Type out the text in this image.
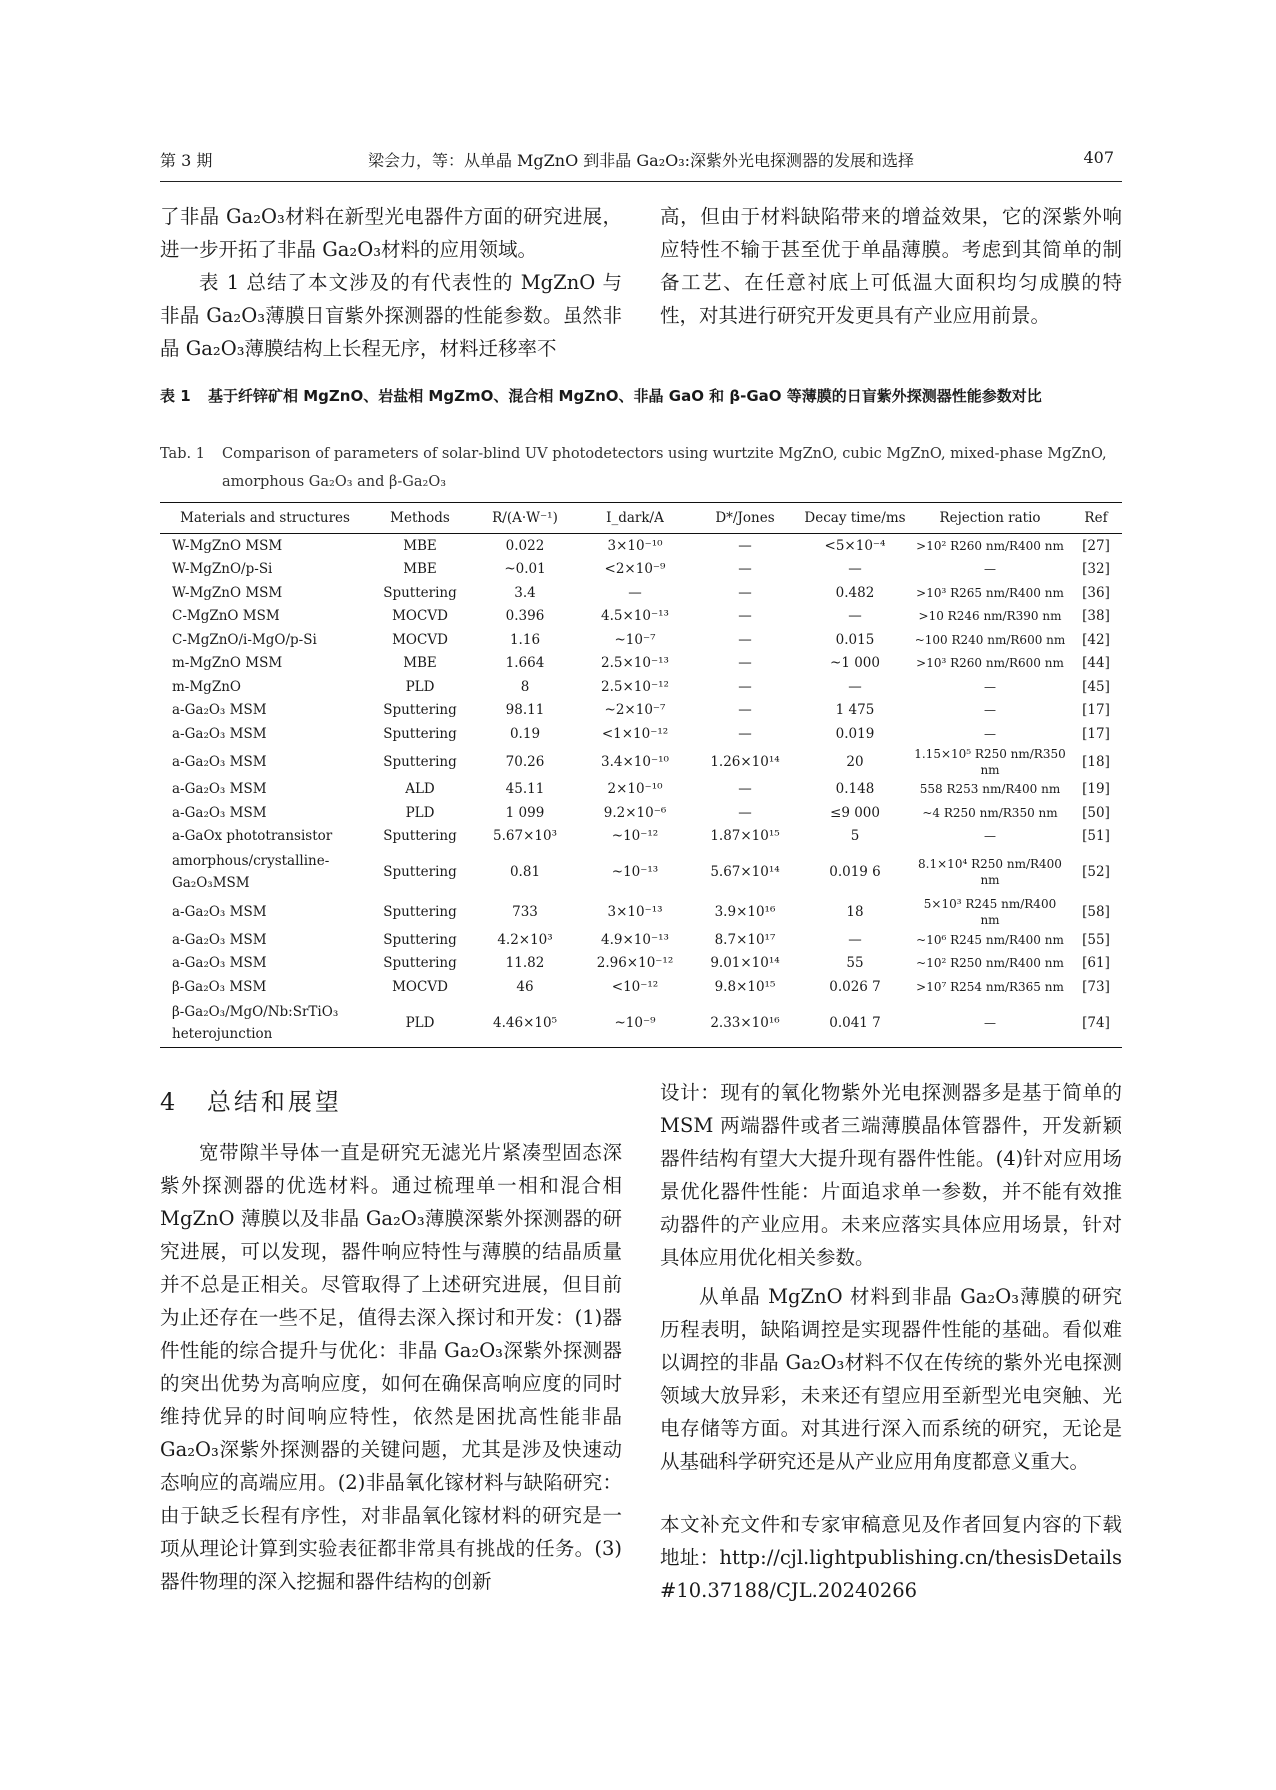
第 3 期	梁会力，等：从单晶 MgZnO 到非晶 Ga₂O₃:深紫外光电探测器的发展和选择	407

了非晶 Ga₂O₃材料在新型光电器件方面的研究进展，进一步开拓了非晶 Ga₂O₃材料的应用领域。

表 1 总结了本文涉及的有代表性的 MgZnO 与非晶 Ga₂O₃薄膜日盲紫外探测器的性能参数。虽然非晶 Ga₂O₃薄膜结构上长程无序，材料迁移率不

高，但由于材料缺陷带来的增益效果，它的深紫外响应特性不输于甚至优于单晶薄膜。考虑到其简单的制备工艺、在任意衬底上可低温大面积均匀成膜的特性，对其进行研究开发更具有产业应用前景。

表 1	基于纤锌矿相 MgZnO、岩盐相 MgZmO、混合相 MgZnO、非晶 GaO 和 β-GaO 等薄膜的日盲紫外探测器性能参数对比
Tab. 1	Comparison of parameters of solar-blind UV photodetectors using wurtzite MgZnO, cubic MgZnO, mixed-phase MgZnO, amorphous Ga₂O₃ and β-Ga₂O₃
Materials and structures	Methods	R/(A·W⁻¹)	I_dark/A	D*/Jones	Decay time/ms	Rejection ratio	Ref
W-MgZnO MSM	MBE	0.022	3×10⁻¹⁰	—	<5×10⁻⁴	>10² R260 nm/R400 nm	[27]
W-MgZnO/p-Si	MBE	~0.01	<2×10⁻⁹	—	—	—	[32]
W-MgZnO MSM	Sputtering	3.4	—	—	0.482	>10³ R265 nm/R400 nm	[36]
C-MgZnO MSM	MOCVD	0.396	4.5×10⁻¹³	—	—	>10 R246 nm/R390 nm	[38]
C-MgZnO/i-MgO/p-Si	MOCVD	1.16	~10⁻⁷	—	0.015	~100 R240 nm/R600 nm	[42]
m-MgZnO MSM	MBE	1.664	2.5×10⁻¹³	—	~1 000	>10³ R260 nm/R600 nm	[44]
m-MgZnO	PLD	8	2.5×10⁻¹²	—	—	—	[45]
a-Ga₂O₃ MSM	Sputtering	98.11	~2×10⁻⁷	—	1 475	—	[17]
a-Ga₂O₃ MSM	Sputtering	0.19	<1×10⁻¹²	—	0.019	—	[17]
a-Ga₂O₃ MSM	Sputtering	70.26	3.4×10⁻¹⁰	1.26×10¹⁴	20	1.15×10⁵ R250 nm/R350 nm	[18]
a-Ga₂O₃ MSM	ALD	45.11	2×10⁻¹⁰	—	0.148	558 R253 nm/R400 nm	[19]
a-Ga₂O₃ MSM	PLD	1 099	9.2×10⁻⁶	—	≤9 000	~4 R250 nm/R350 nm	[50]
a-GaOx phototransistor	Sputtering	5.67×10³	~10⁻¹²	1.87×10¹⁵	5	—	[51]
amorphous/crystalline-Ga₂O₃MSM	Sputtering	0.81	~10⁻¹³	5.67×10¹⁴	0.019 6	8.1×10⁴ R250 nm/R400 nm	[52]
a-Ga₂O₃ MSM	Sputtering	733	3×10⁻¹³	3.9×10¹⁶	18	5×10³ R245 nm/R400 nm	[58]
a-Ga₂O₃ MSM	Sputtering	4.2×10³	4.9×10⁻¹³	8.7×10¹⁷	—	~10⁶ R245 nm/R400 nm	[55]
a-Ga₂O₃ MSM	Sputtering	11.82	2.96×10⁻¹²	9.01×10¹⁴	55	~10² R250 nm/R400 nm	[61]
β-Ga₂O₃ MSM	MOCVD	46	<10⁻¹²	9.8×10¹⁵	0.026 7	>10⁷ R254 nm/R365 nm	[73]
β-Ga₂O₃/MgO/Nb:SrTiO₃ heterojunction	PLD	4.46×10⁵	~10⁻⁹	2.33×10¹⁶	0.041 7	—	[74]
4 总结和展望

宽带隙半导体一直是研究无滤光片紧凑型固态深紫外探测器的优选材料。通过梳理单一相和混合相 MgZnO 薄膜以及非晶 Ga₂O₃薄膜深紫外探测器的研究进展，可以发现，器件响应特性与薄膜的结晶质量并不总是正相关。尽管取得了上述研究进展，但目前为止还存在一些不足，值得去深入探讨和开发：(1)器件性能的综合提升与优化：非晶 Ga₂O₃深紫外探测器的突出优势为高响应度，如何在确保高响应度的同时维持优异的时间响应特性，依然是困扰高性能非晶 Ga₂O₃深紫外探测器的关键问题，尤其是涉及快速动态响应的高端应用。(2)非晶氧化镓材料与缺陷研究：由于缺乏长程有序性，对非晶氧化镓材料的研究是一项从理论计算到实验表征都非常具有挑战的任务。(3)器件物理的深入挖掘和器件结构的创新

设计：现有的氧化物紫外光电探测器多是基于简单的 MSM 两端器件或者三端薄膜晶体管器件，开发新颖器件结构有望大大提升现有器件性能。(4)针对应用场景优化器件性能：片面追求单一参数，并不能有效推动器件的产业应用。未来应落实具体应用场景，针对具体应用优化相关参数。

从单晶 MgZnO 材料到非晶 Ga₂O₃薄膜的研究历程表明，缺陷调控是实现器件性能的基础。看似难以调控的非晶 Ga₂O₃材料不仅在传统的紫外光电探测领域大放异彩，未来还有望应用至新型光电突触、光电存储等方面。对其进行深入而系统的研究，无论是从基础科学研究还是从产业应用角度都意义重大。

本文补充文件和专家审稿意见及作者回复内容的下载地址：http://cjl.lightpublishing.cn/thesisDetails#10.37188/CJL.20240266
